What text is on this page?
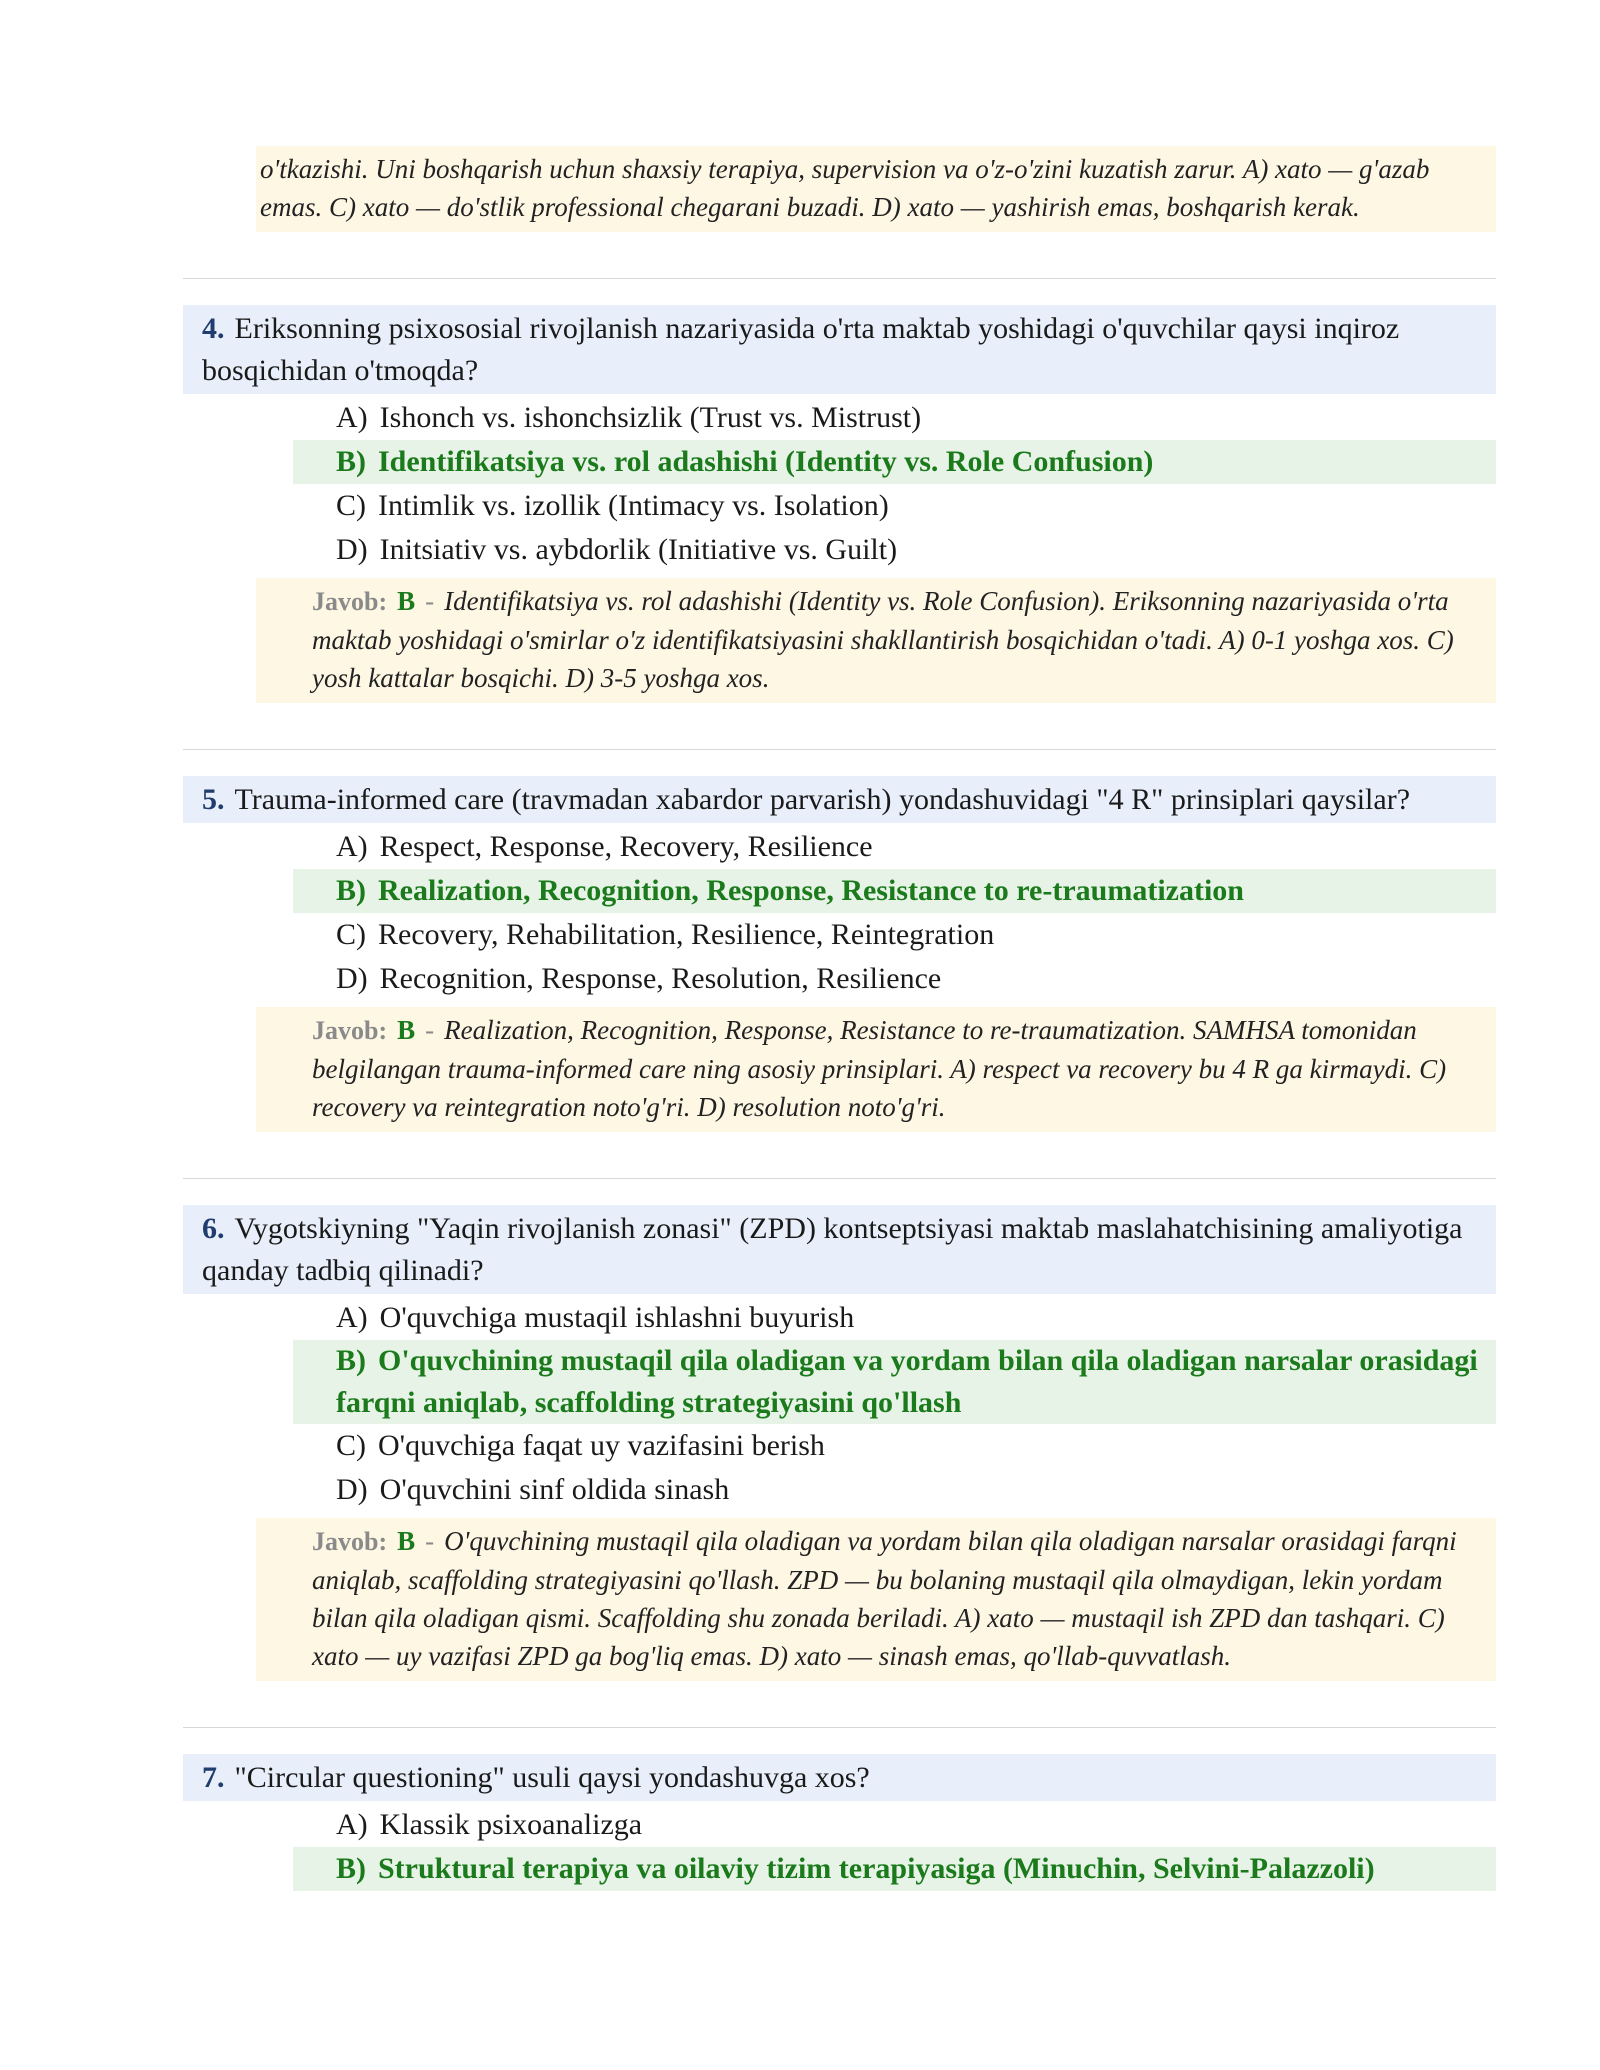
o'tkazishi. Uni boshqarish uchun shaxsiy terapiya, supervision va o'z-o'zini kuzatish zarur. A) xato — g'azab emas. C) xato — do'stlik professional chegarani buzadi. D) xato — yashirish emas, boshqarish kerak.
4. Eriksonning psixososial rivojlanish nazariyasida o'rta maktab yoshidagi o'quvchilar qaysi inqiroz bosqichidan o'tmoqda?
A) Ishonch vs. ishonchsizlik (Trust vs. Mistrust)
B) Identifikatsiya vs. rol adashishi (Identity vs. Role Confusion)
C) Intimlik vs. izollik (Intimacy vs. Isolation)
D) Initsiativ vs. aybdorlik (Initiative vs. Guilt)
Javob: B - Identifikatsiya vs. rol adashishi (Identity vs. Role Confusion). Eriksonning nazariyasida o'rta maktab yoshidagi o'smirlar o'z identifikatsiyasini shakllantirish bosqichidan o'tadi. A) 0-1 yoshga xos. C) yosh kattalar bosqichi. D) 3-5 yoshga xos.
5. Trauma-informed care (travmadan xabardor parvarish) yondashuvidagi "4 R" prinsiplari qaysilar?
A) Respect, Response, Recovery, Resilience
B) Realization, Recognition, Response, Resistance to re-traumatization
C) Recovery, Rehabilitation, Resilience, Reintegration
D) Recognition, Response, Resolution, Resilience
Javob: B - Realization, Recognition, Response, Resistance to re-traumatization. SAMHSA tomonidan belgilangan trauma-informed care ning asosiy prinsiplari. A) respect va recovery bu 4 R ga kirmaydi. C) recovery va reintegration noto'g'ri. D) resolution noto'g'ri.
6. Vygotskiyning "Yaqin rivojlanish zonasi" (ZPD) kontseptsiyasi maktab maslahatchisining amaliyotiga qanday tadbiq qilinadi?
A) O'quvchiga mustaqil ishlashni buyurish
B) O'quvchining mustaqil qila oladigan va yordam bilan qila oladigan narsalar orasidagi farqni aniqlab, scaffolding strategiyasini qo'llash
C) O'quvchiga faqat uy vazifasini berish
D) O'quvchini sinf oldida sinash
Javob: B - O'quvchining mustaqil qila oladigan va yordam bilan qila oladigan narsalar orasidagi farqni aniqlab, scaffolding strategiyasini qo'llash. ZPD — bu bolaning mustaqil qila olmaydigan, lekin yordam bilan qila oladigan qismi. Scaffolding shu zonada beriladi. A) xato — mustaqil ish ZPD dan tashqari. C) xato — uy vazifasi ZPD ga bog'liq emas. D) xato — sinash emas, qo'llab-quvvatlash.
7. "Circular questioning" usuli qaysi yondashuvga xos?
A) Klassik psixoanalizga
B) Struktural terapiya va oilaviy tizim terapiyasiga (Minuchin, Selvini-Palazzoli)
